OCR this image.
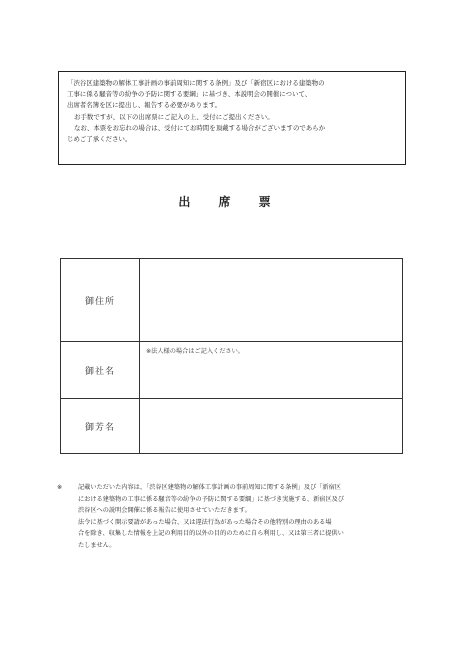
「渋谷区建築物の解体工事計画の事前周知に関する条例」及び「新宿区における建築物の
工事に係る騒音等の紛争の予防に関する要綱」に基づき、本説明会の開催について、
出席者名簿を区に提出し、報告する必要があります。
お手数ですが、以下の出席票にご記入の上、受付にご提出ください。
なお、本票をお忘れの場合は、受付にてお時間を頂戴する場合がございますのであらか
じめご了承ください。
出 席 票
御住所	
御社名	※法人様の場合はご記入ください。

御芳名	
※	記載いただいた内容は、「渋谷区建築物の解体工事計画の事前周知に関する条例」及び「新宿区
における建築物の工事に係る騒音等の紛争の予防に関する要綱」に基づき実施する、新宿区及び
渋谷区への説明会開催に係る報告に使用させていただきます。
法令に基づく開示要請があった場合、又は違法行為があった場合その他特別の理由のある場
合を除き、収集した情報を上記の利用目的以外の目的のために自ら利用し、又は第三者に提供い
たしません。
